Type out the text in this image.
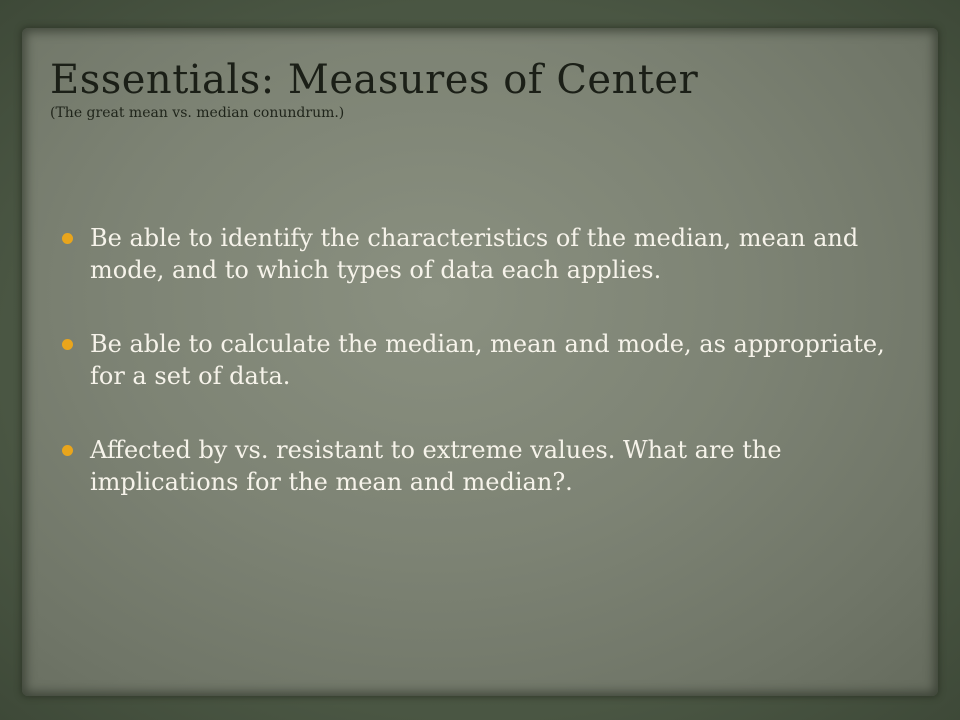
Essentials: Measures of Center

(The great mean vs. median conundrum.)

Be able to identify the characteristics of the median, mean and mode, and to which types of data each applies.
Be able to calculate the median, mean and mode, as appropriate, for a set of data.
Affected by vs. resistant to extreme values. What are the implications for the mean and median?.
